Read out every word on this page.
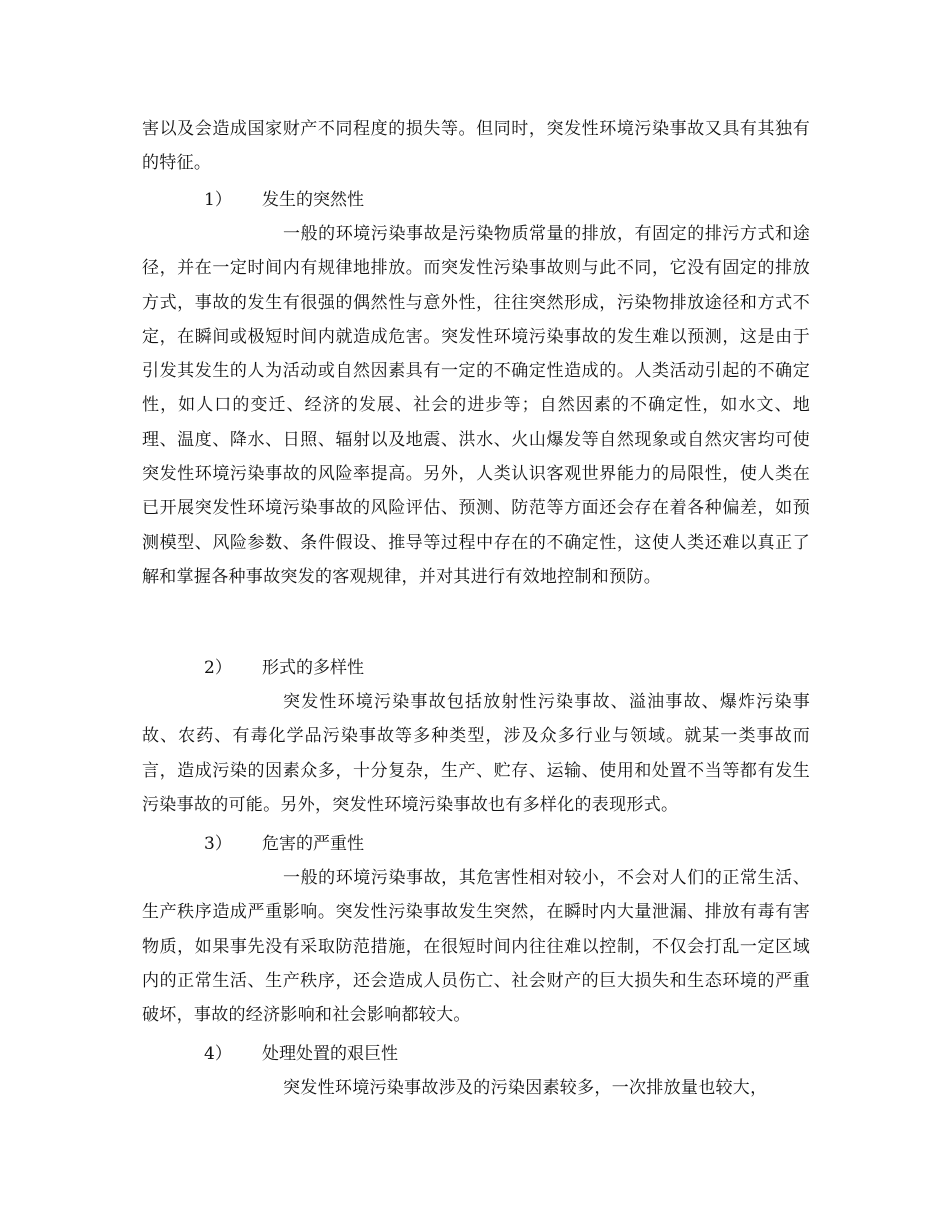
害以及会造成国家财产不同程度的损失等。但同时，突发性环境污染事故又具有其独有的特征。

1） 发生的突然性

一般的环境污染事故是污染物质常量的排放，有固定的排污方式和途径，并在一定时间内有规律地排放。而突发性污染事故则与此不同，它没有固定的排放方式，事故的发生有很强的偶然性与意外性，往往突然形成，污染物排放途径和方式不定，在瞬间或极短时间内就造成危害。突发性环境污染事故的发生难以预测，这是由于引发其发生的人为活动或自然因素具有一定的不确定性造成的。人类活动引起的不确定性，如人口的变迁、经济的发展、社会的进步等；自然因素的不确定性，如水文、地理、温度、降水、日照、辐射以及地震、洪水、火山爆发等自然现象或自然灾害均可使突发性环境污染事故的风险率提高。另外，人类认识客观世界能力的局限性，使人类在已开展突发性环境污染事故的风险评估、预测、防范等方面还会存在着各种偏差，如预测模型、风险参数、条件假设、推导等过程中存在的不确定性，这使人类还难以真正了解和掌握各种事故突发的客观规律，并对其进行有效地控制和预防。

2） 形式的多样性

突发性环境污染事故包括放射性污染事故、溢油事故、爆炸污染事故、农药、有毒化学品污染事故等多种类型，涉及众多行业与领域。就某一类事故而言，造成污染的因素众多，十分复杂，生产、贮存、运输、使用和处置不当等都有发生污染事故的可能。另外，突发性环境污染事故也有多样化的表现形式。

3） 危害的严重性

一般的环境污染事故，其危害性相对较小，不会对人们的正常生活、生产秩序造成严重影响。突发性污染事故发生突然，在瞬时内大量泄漏、排放有毒有害物质，如果事先没有采取防范措施，在很短时间内往往难以控制，不仅会打乱一定区域内的正常生活、生产秩序，还会造成人员伤亡、社会财产的巨大损失和生态环境的严重破坏，事故的经济影响和社会影响都较大。

4） 处理处置的艰巨性

突发性环境污染事故涉及的污染因素较多，一次排放量也较大，
